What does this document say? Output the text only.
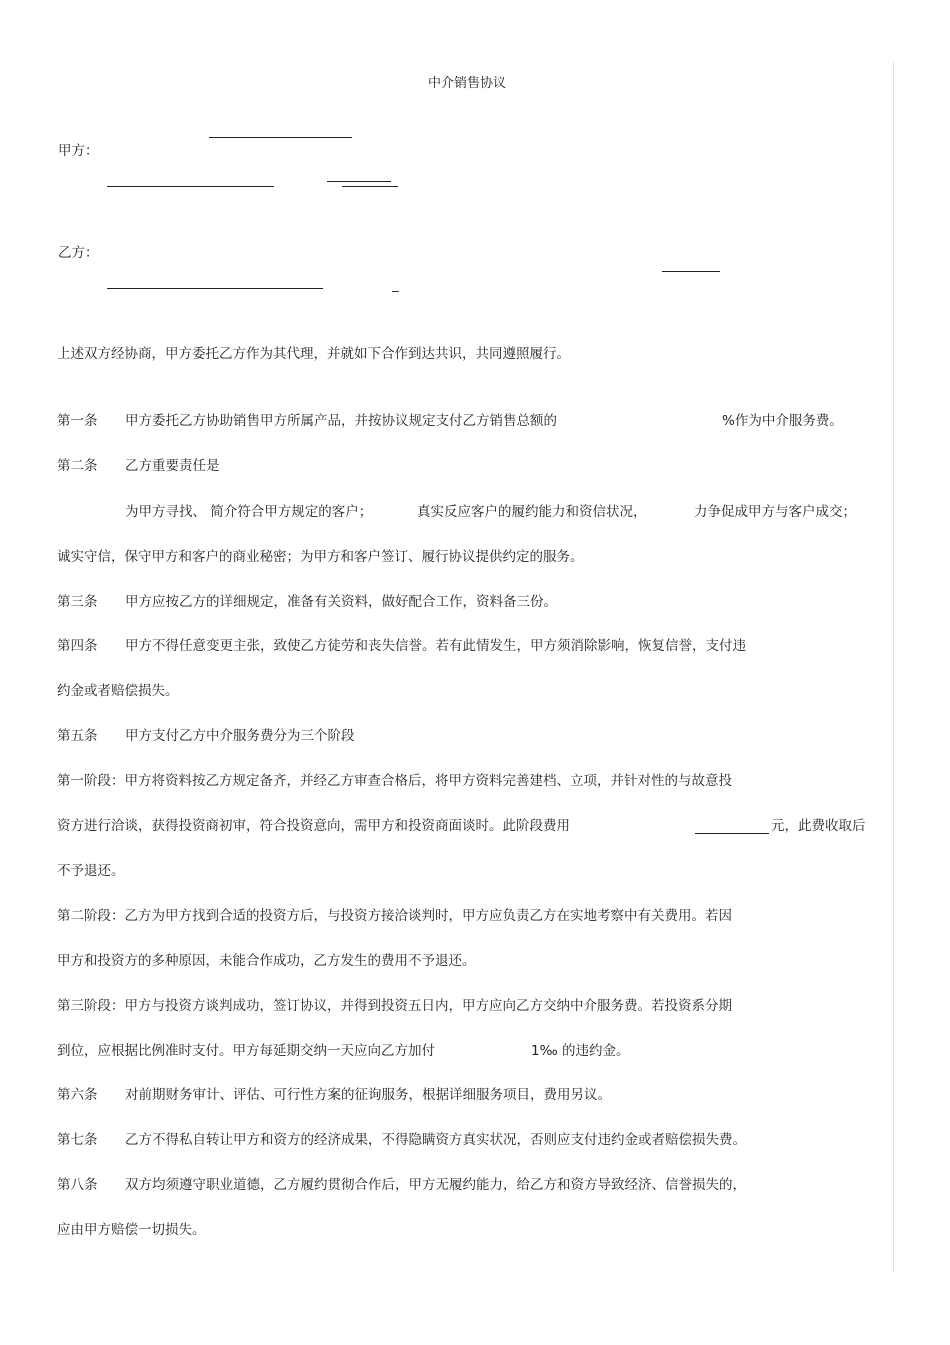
中介销售协议
甲方：
乙方：
_
上述双方经协商，甲方委托乙方作为其代理，并就如下合作到达共识，共同遵照履行。
第一条 甲方委托乙方协助销售甲方所属产品，并按协议规定支付乙方销售总额的	%作为中介服务费。
第二条 乙方重要责任是
为甲方寻找、 简介符合甲方规定的客户；	真实反应客户的履约能力和资信状况，	力争促成甲方与客户成交；
诚实守信，保守甲方和客户的商业秘密；为甲方和客户签订、履行协议提供约定的服务。
第三条 甲方应按乙方的详细规定，准备有关资料，做好配合工作，资料备三份。
第四条 甲方不得任意变更主张，致使乙方徒劳和丧失信誉。若有此情发生，甲方须消除影响，恢复信誉，支付违
约金或者赔偿损失。
第五条 甲方支付乙方中介服务费分为三个阶段
第一阶段：甲方将资料按乙方规定备齐，并经乙方审查合格后，将甲方资料完善建档、立项，并针对性的与故意投
资方进行洽谈，获得投资商初审，符合投资意向，需甲方和投资商面谈时。此阶段费用	元，此费收取后
不予退还。
第二阶段：乙方为甲方找到合适的投资方后，与投资方接洽谈判时，甲方应负责乙方在实地考察中有关费用。若因
甲方和投资方的多种原因，未能合作成功，乙方发生的费用不予退还。
第三阶段：甲方与投资方谈判成功，签订协议，并得到投资五日内，甲方应向乙方交纳中介服务费。若投资系分期
到位，应根据比例准时支付。甲方每延期交纳一天应向乙方加付	1‰ 的违约金。
第六条 对前期财务审计、评估、可行性方案的征询服务，根据详细服务项目，费用另议。
第七条 乙方不得私自转让甲方和资方的经济成果，不得隐瞒资方真实状况，否则应支付违约金或者赔偿损失费。
第八条 双方均须遵守职业道德，乙方履约贯彻合作后，甲方无履约能力，给乙方和资方导致经济、信誉损失的，
应由甲方赔偿一切损失。
